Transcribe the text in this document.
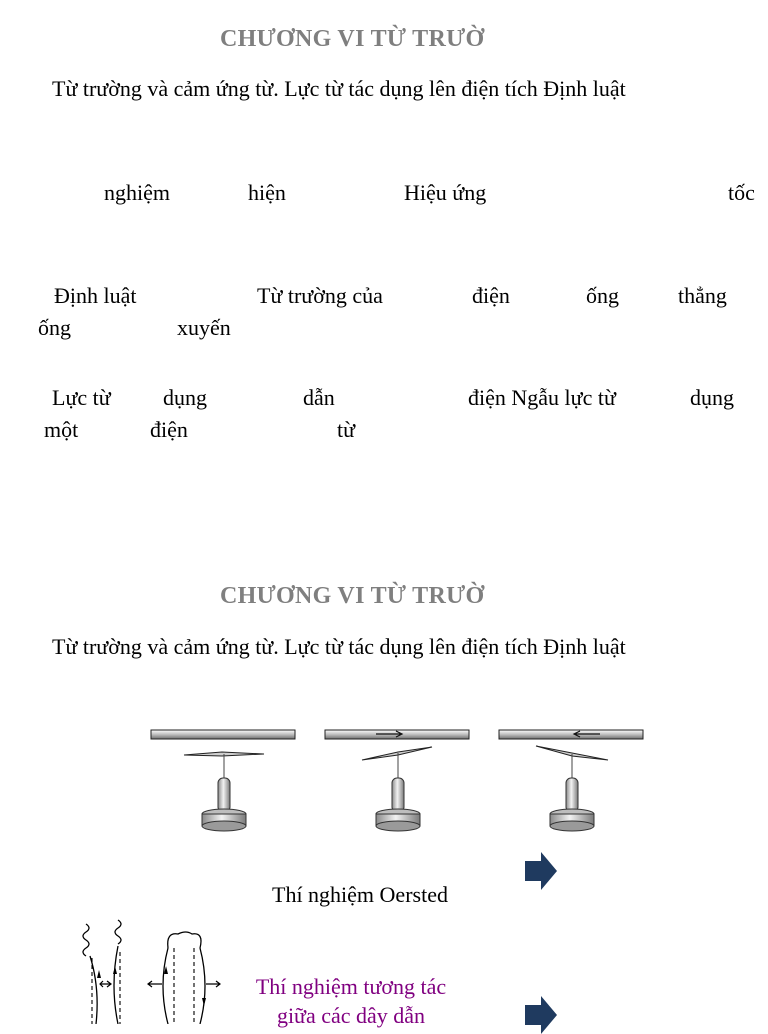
CHƯƠNG VI TỪ TRƯỜ
Từ trường và cảm ứng từ. Lực từ tác dụng lên điện tích Định luật
nghiệm	hiện	Hiệu ứng	tốc
Định luật	Từ trường của	điện	ống	thẳng
ống	xuyến
Lực từ dụng	dẫn	điện Ngẫu lực từ	dụng
một	điện	từ
CHƯƠNG VI TỪ TRƯỜ
Từ trường và cảm ứng từ. Lực từ tác dụng lên điện tích Định luật
Thí nghiệm Oersted
Thí nghiệm tương tác giữa các dây dẫn
